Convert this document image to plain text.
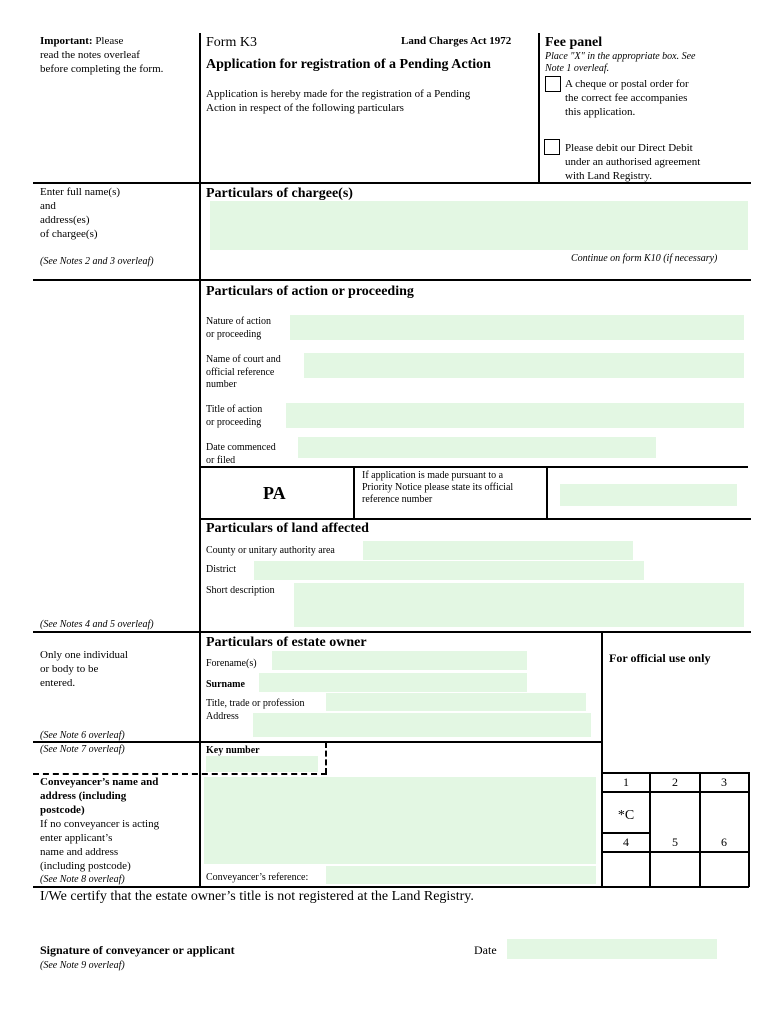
Important: Please
read the notes overleaf
before completing the form.
Form K3	Land Charges Act 1972
Application for registration of a Pending Action
Application is hereby made for the registration of a Pending
Action in respect of the following particulars
Fee panel
Place "X" in the appropriate box. See
Note 1 overleaf.
A cheque or postal order for
the correct fee accompanies
this application.
Please debit our Direct Debit
under an authorised agreement
with Land Registry.
Enter full name(s)
and
address(es)
of chargee(s)
(See Notes 2 and 3 overleaf)
Particulars of chargee(s)
Continue on form K10 (if necessary)
Particulars of action or proceeding
Nature of action
or proceeding
Name of court and
official reference
number
Title of action
or proceeding
Date commenced
or filed
PA
If application is made pursuant to a
Priority Notice please state its official
reference number
Particulars of land affected
County or unitary authority area
District
Short description
(See Notes 4 and 5 overleaf)
Particulars of estate owner
Only one individual
or body to be
entered.
Forename(s)
Surname
Title, trade or profession
Address
(See Note 6 overleaf)
(See Note 7 overleaf)	Key number
For official use only
1	2	3
*C
4	5	6
Conveyancer’s name and
address (including
postcode)
If no conveyancer is acting
enter applicant’s
name and address
(including postcode)
(See Note 8 overleaf)	Conveyancer’s reference:
I/We certify that the estate owner’s title is not registered at the Land Registry.
Signature of conveyancer or applicant
(See Note 9 overleaf)
Date
